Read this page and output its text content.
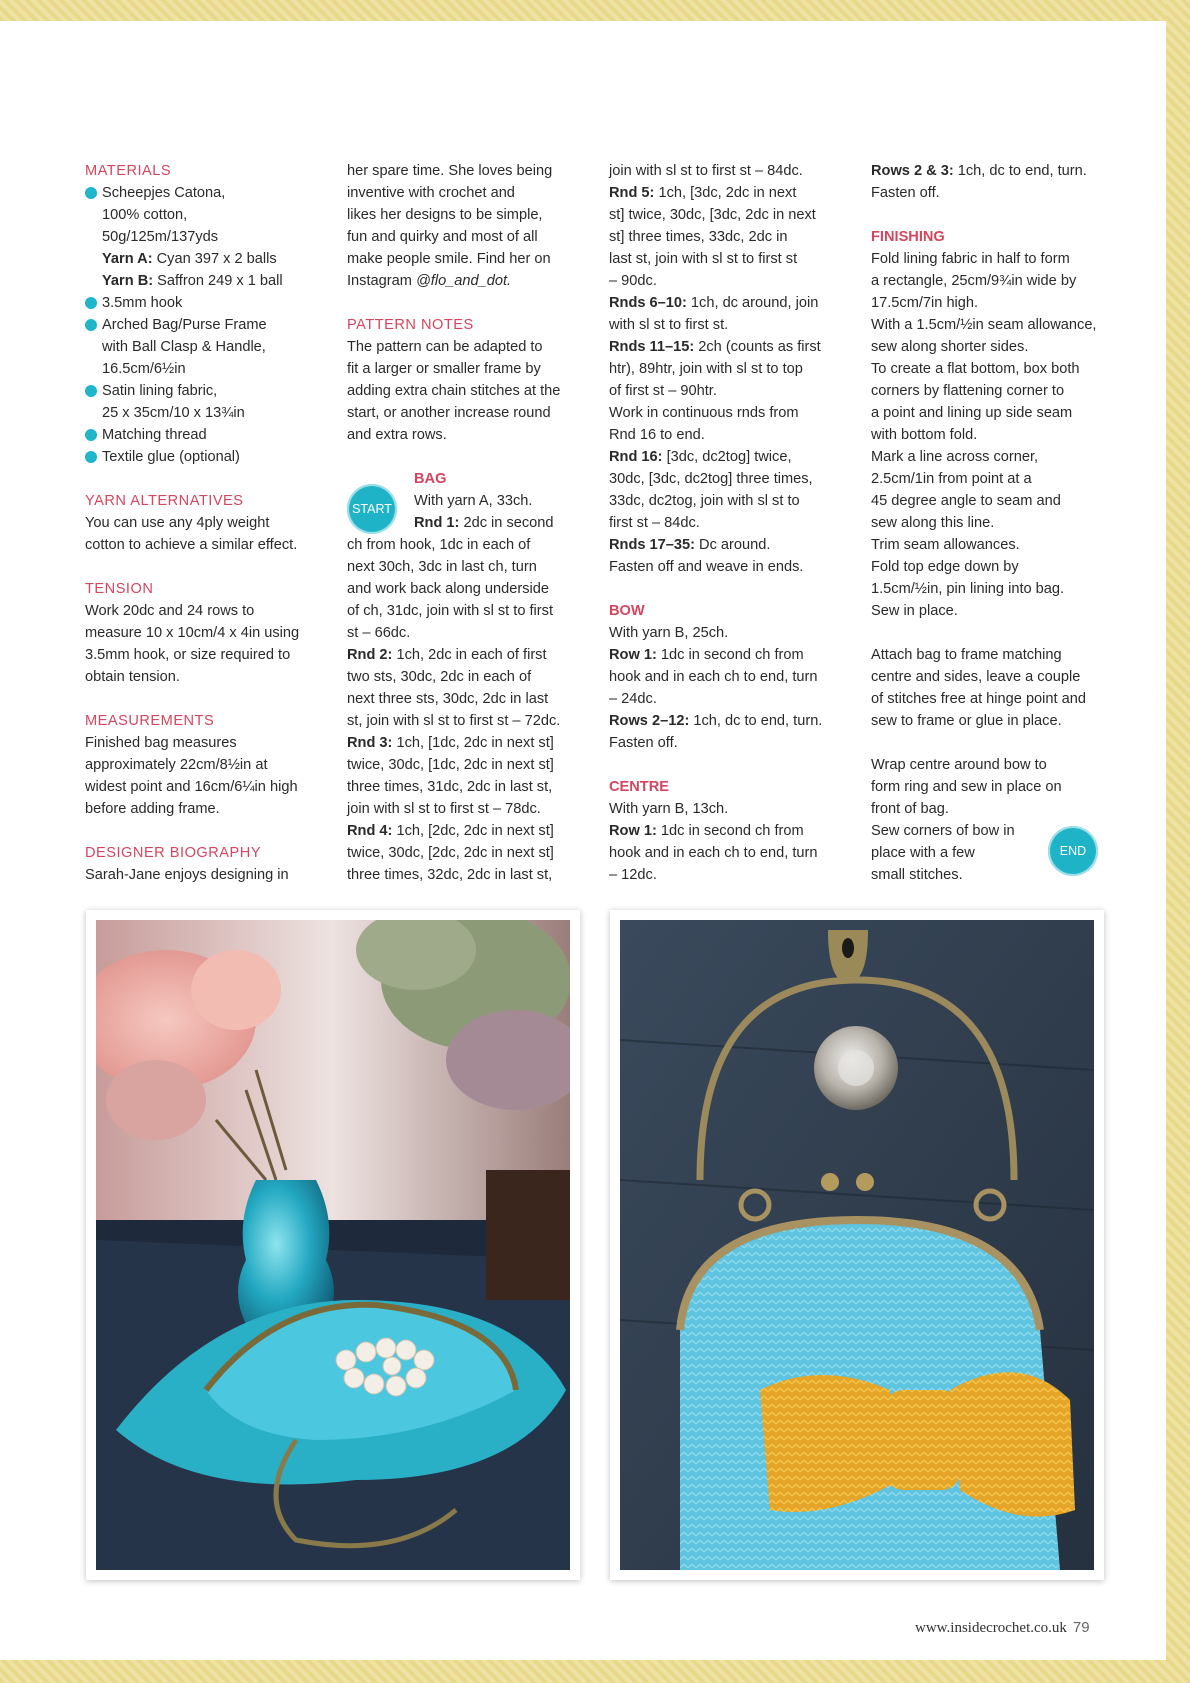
MATERIALS

Scheepjes Catona,
100% cotton,
50g/125m/137yds
Yarn A: Cyan 397 x 2 balls
Yarn B: Saffron 249 x 1 ball
3.5mm hook
Arched Bag/Purse Frame
with Ball Clasp & Handle,
16.5cm/6½in
Satin lining fabric,
25 x 35cm/10 x 13¾in
Matching thread
Textile glue (optional)

YARN ALTERNATIVES

You can use any 4ply weight

cotton to achieve a similar effect.

TENSION

Work 20dc and 24 rows to

measure 10 x 10cm/4 x 4in using

3.5mm hook, or size required to

obtain tension.

MEASUREMENTS

Finished bag measures

approximately 22cm/8½in at

widest point and 16cm/6¼in high

before adding frame.

DESIGNER BIOGRAPHY

Sarah-Jane enjoys designing in

her spare time. She loves being

inventive with crochet and

likes her designs to be simple,

fun and quirky and most of all

make people smile. Find her on

Instagram @flo_and_dot.

PATTERN NOTES

The pattern can be adapted to

fit a larger or smaller frame by

adding extra chain stitches at the

start, or another increase round

and extra rows.

START

BAG

With yarn A, 33ch.

Rnd 1: 2dc in second

ch from hook, 1dc in each of

next 30ch, 3dc in last ch, turn

and work back along underside

of ch, 31dc, join with sl st to first

st – 66dc.

Rnd 2: 1ch, 2dc in each of first

two sts, 30dc, 2dc in each of

next three sts, 30dc, 2dc in last

st, join with sl st to first st – 72dc.

Rnd 3: 1ch, [1dc, 2dc in next st]

twice, 30dc, [1dc, 2dc in next st]

three times, 31dc, 2dc in last st,

join with sl st to first st – 78dc.

Rnd 4: 1ch, [2dc, 2dc in next st]

twice, 30dc, [2dc, 2dc in next st]

three times, 32dc, 2dc in last st,

join with sl st to first st – 84dc.

Rnd 5: 1ch, [3dc, 2dc in next

st] twice, 30dc, [3dc, 2dc in next

st] three times, 33dc, 2dc in

last st, join with sl st to first st

– 90dc.

Rnds 6–10: 1ch, dc around, join

with sl st to first st.

Rnds 11–15: 2ch (counts as first

htr), 89htr, join with sl st to top

of first st – 90htr.

Work in continuous rnds from

Rnd 16 to end.

Rnd 16: [3dc, dc2tog] twice,

30dc, [3dc, dc2tog] three times,

33dc, dc2tog, join with sl st to

first st – 84dc.

Rnds 17–35: Dc around.

Fasten off and weave in ends.

BOW

With yarn B, 25ch.

Row 1: 1dc in second ch from

hook and in each ch to end, turn

– 24dc.

Rows 2–12: 1ch, dc to end, turn.

Fasten off.

CENTRE

With yarn B, 13ch.

Row 1: 1dc in second ch from

hook and in each ch to end, turn

– 12dc.

Rows 2 & 3: 1ch, dc to end, turn.

Fasten off.

FINISHING

Fold lining fabric in half to form

a rectangle, 25cm/9¾in wide by

17.5cm/7in high.

With a 1.5cm/½in seam allowance,

sew along shorter sides.

To create a flat bottom, box both

corners by flattening corner to

a point and lining up side seam

with bottom fold.

Mark a line across corner,

2.5cm/1in from point at a

45 degree angle to seam and

sew along this line.

Trim seam allowances.

Fold top edge down by

1.5cm/½in, pin lining into bag.

Sew in place.

Attach bag to frame matching

centre and sides, leave a couple

of stitches free at hinge point and

sew to frame or glue in place.

Wrap centre around bow to

form ring and sew in place on

front of bag.

Sew corners of bow in

place with a few

small stitches.

END
www.insidecrochet.co.uk 79
